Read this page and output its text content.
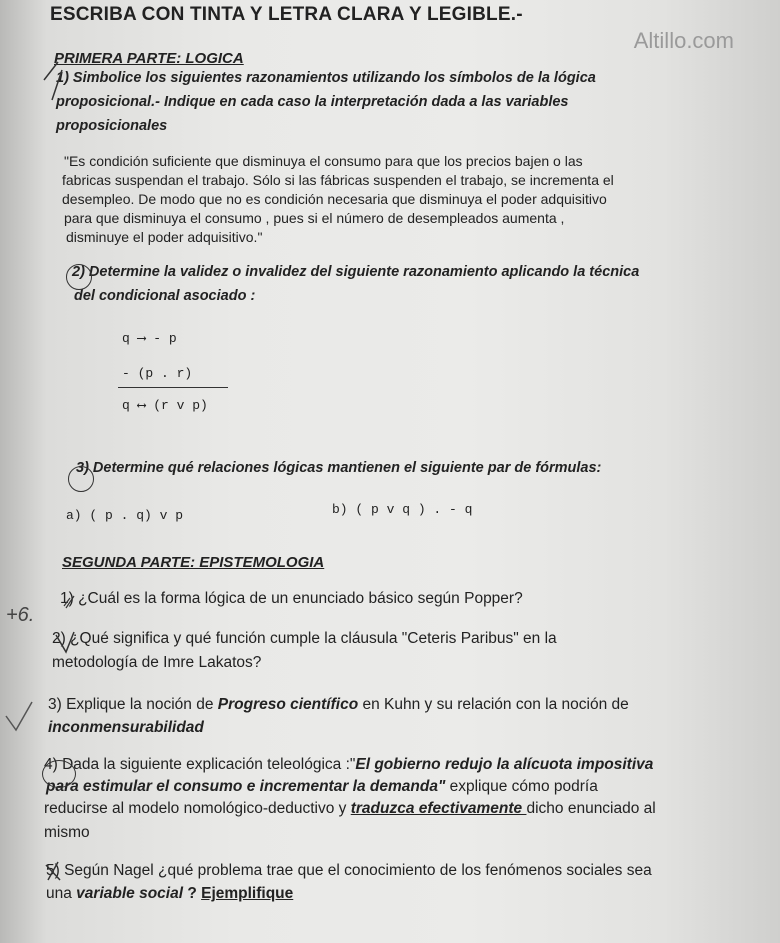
ESCRIBA CON TINTA Y LETRA CLARA Y LEGIBLE.-
Altillo.com
PRIMERA PARTE: LOGICA
1) Simbolice los siguientes razonamientos utilizando los símbolos de la lógica
proposicional.- Indique en cada caso la interpretación dada a las variables
proposicionales
"Es condición suficiente que disminuya el consumo para que los precios bajen o las
fabricas suspendan el trabajo. Sólo si las fábricas suspenden el trabajo, se incrementa el
desempleo. De modo que no es condición necesaria que disminuya el poder adquisitivo
para que disminuya el consumo , pues si el número de desempleados aumenta ,
disminuye el poder adquisitivo."
2) Determine la validez o invalidez del siguiente razonamiento aplicando la técnica
del condicional asociado :
q ⟶ - p
- (p . r)
q ⟷ (r v p)
3) Determine qué relaciones lógicas mantienen el siguiente par de fórmulas:
a) ( p . q) v p	b) ( p v q ) . - q
SEGUNDA PARTE: EPISTEMOLOGIA
1) ¿Cuál es la forma lógica de un enunciado básico según Popper?
2) ¿Qué significa y qué función cumple la cláusula "Ceteris Paribus" en la
metodología de Imre Lakatos?
3) Explique la noción de Progreso científico en Kuhn y su relación con la noción de
inconmensurabilidad
4) Dada la siguiente explicación teleológica :"El gobierno redujo la alícuota impositiva
para estimular el consumo e incrementar la demanda" explique cómo podría
reducirse al modelo nomológico-deductivo y traduzca efectivamente dicho enunciado al
mismo
5) Según Nagel ¿qué problema trae que el conocimiento de los fenómenos sociales sea
una variable social ? Ejemplifique
+6.
